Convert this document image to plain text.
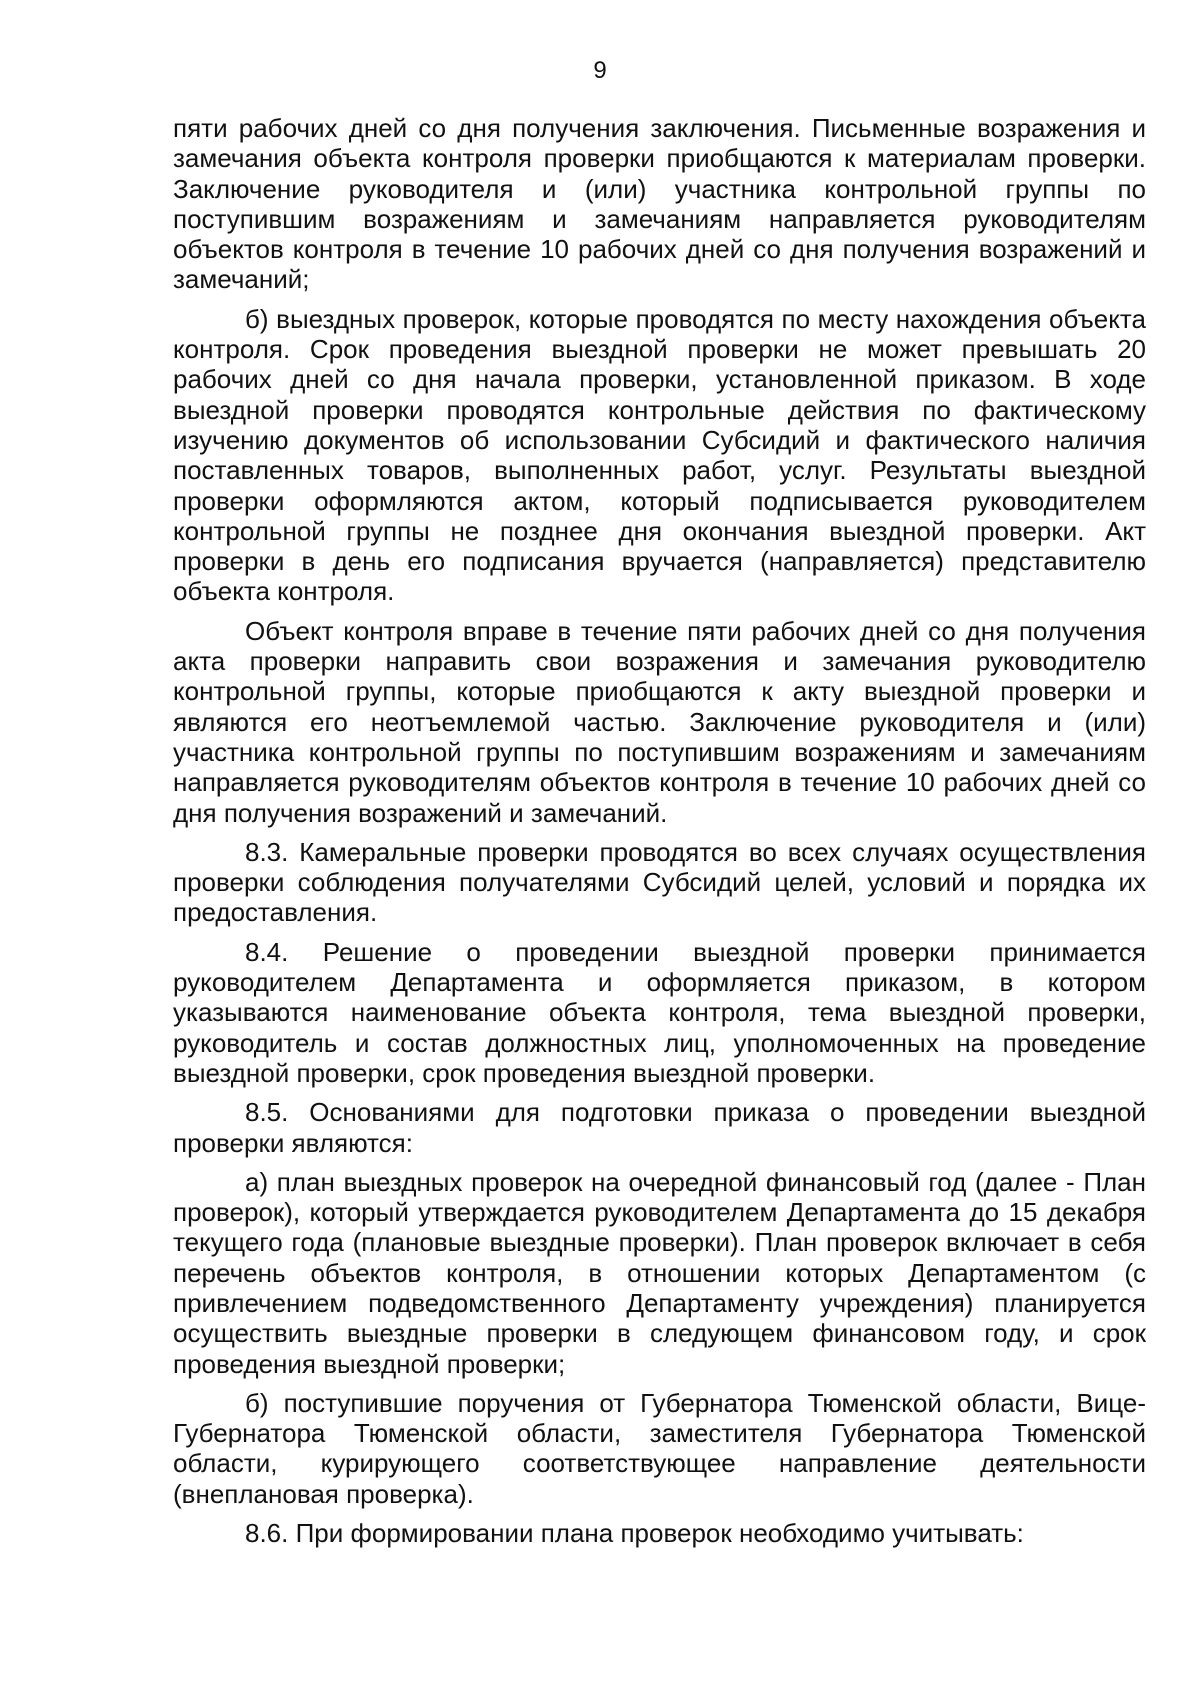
9

пяти рабочих дней со дня получения заключения. Письменные возражения и замечания объекта контроля проверки приобщаются к материалам проверки. Заключение руководителя и (или) участника контрольной группы по поступившим возражениям и замечаниям направляется руководителям объектов контроля в течение 10 рабочих дней со дня получения возражений и замечаний;

б) выездных проверок, которые проводятся по месту нахождения объекта контроля. Срок проведения выездной проверки не может превышать 20 рабочих дней со дня начала проверки, установленной приказом. В ходе выездной проверки проводятся контрольные действия по фактическому изучению документов об использовании Субсидий и фактического наличия поставленных товаров, выполненных работ, услуг. Результаты выездной проверки оформляются актом, который подписывается руководителем контрольной группы не позднее дня окончания выездной проверки. Акт проверки в день его подписания вручается (направляется) представителю объекта контроля.

Объект контроля вправе в течение пяти рабочих дней со дня получения акта проверки направить свои возражения и замечания руководителю контрольной группы, которые приобщаются к акту выездной проверки и являются его неотъемлемой частью. Заключение руководителя и (или) участника контрольной группы по поступившим возражениям и замечаниям направляется руководителям объектов контроля в течение 10 рабочих дней со дня получения возражений и замечаний.

8.3. Камеральные проверки проводятся во всех случаях осуществления проверки соблюдения получателями Субсидий целей, условий и порядка их предоставления.

8.4. Решение о проведении выездной проверки принимается руководителем Департамента и оформляется приказом, в котором указываются наименование объекта контроля, тема выездной проверки, руководитель и состав должностных лиц, уполномоченных на проведение выездной проверки, срок проведения выездной проверки.

8.5. Основаниями для подготовки приказа о проведении выездной проверки являются:

а) план выездных проверок на очередной финансовый год (далее - План проверок), который утверждается руководителем Департамента до 15 декабря текущего года (плановые выездные проверки). План проверок включает в себя перечень объектов контроля, в отношении которых Департаментом (с привлечением подведомственного Департаменту учреждения) планируется осуществить выездные проверки в следующем финансовом году, и срок проведения выездной проверки;

б) поступившие поручения от Губернатора Тюменской области, Вице-Губернатора Тюменской области, заместителя Губернатора Тюменской области, курирующего соответствующее направление деятельности (внеплановая проверка).

8.6. При формировании плана проверок необходимо учитывать:
